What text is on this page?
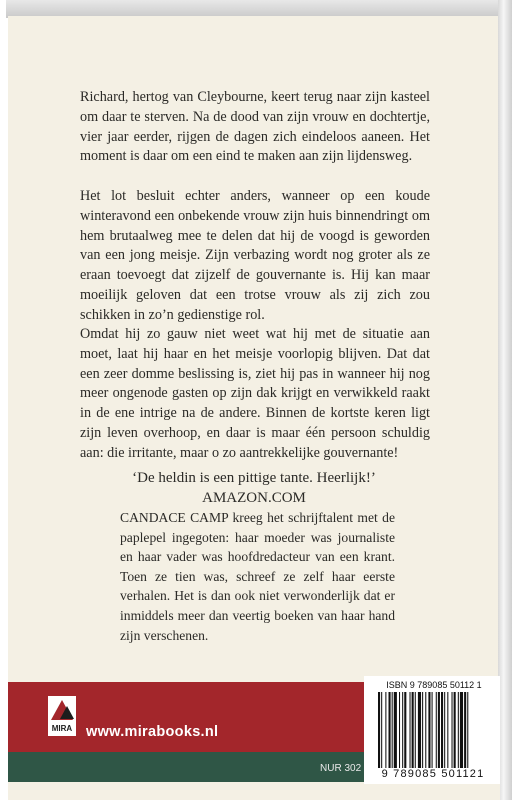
Richard, hertog van Cleybourne, keert terug naar zijn kasteel om daar te sterven. Na de dood van zijn vrouw en dochtertje, vier jaar eerder, rijgen de dagen zich eindeloos aaneen. Het moment is daar om een eind te maken aan zijn lijdensweg.

Het lot besluit echter anders, wanneer op een koude winteravond een onbekende vrouw zijn huis binnendringt om hem brutaalweg mee te delen dat hij de voogd is geworden van een jong meisje. Zijn verbazing wordt nog groter als ze eraan toevoegt dat zijzelf de gouvernante is. Hij kan maar moeilijk geloven dat een trotse vrouw als zij zich zou schikken in zo’n gedienstige rol.

Omdat hij zo gauw niet weet wat hij met de situatie aan moet, laat hij haar en het meisje voorlopig blijven. Dat dat een zeer domme beslissing is, ziet hij pas in wanneer hij nog meer ongenode gasten op zijn dak krijgt en verwikkeld raakt in de ene intrige na de andere. Binnen de kortste keren ligt zijn leven overhoop, en daar is maar één persoon schuldig aan: die irritante, maar o zo aantrekkelijke gouvernante!

‘De heldin is een pittige tante. Heerlijk!’
AMAZON.COM
CANDACE CAMP kreeg het schrijftalent met de paplepel ingegoten: haar moeder was journaliste en haar vader was hoofdredacteur van een krant. Toen ze tien was, schreef ze zelf haar eerste verhalen. Het is dan ook niet verwonderlijk dat er inmiddels meer dan veertig boeken van haar hand zijn verschenen.
MIRA www.mirabooks.nl
NUR 302
ISBN 9 789085 50112 1
9 789085 501121
